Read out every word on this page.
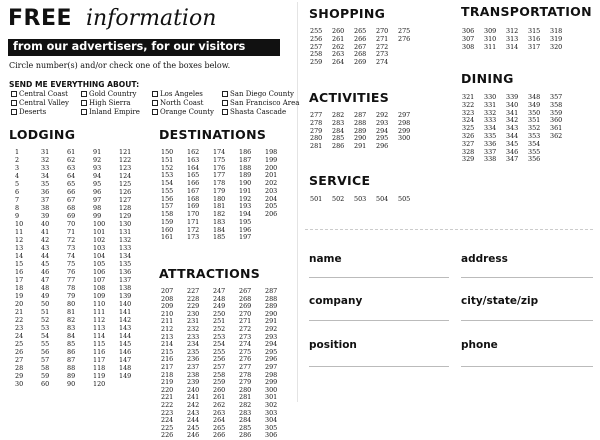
FREE information
from our advertisers, for our visitors
Circle number(s) and/or check one of the boxes below.
SEND ME EVERYTHING ABOUT:
Central Coast
Central Valley
Deserts
Gold Country
High Sierra
Inland Empire
Los Angeles
North Coast
Orange County
San Diego County
San Francisco Area
Shasta Cascade
LODGING
1	31	61	91	121
2	32	62	92	122
3	33	63	93	123
4	34	64	94	124
5	35	65	95	125
6	36	66	96	126
7	37	67	97	127
8	38	68	98	128
9	39	69	99	129
10	40	70	100	130
11	41	71	101	131
12	42	72	102	132
13	43	73	103	133
14	44	74	104	134
15	45	75	105	135
16	46	76	106	136
17	47	77	107	137
18	48	78	108	138
19	49	79	109	139
20	50	80	110	140
21	51	81	111	141
22	52	82	112	142
23	53	83	113	143
24	54	84	114	144
25	55	85	115	145
26	56	86	116	146
27	57	87	117	147
28	58	88	118	148
29	59	89	119	149
30	60	90	120
DESTINATIONS
150	162	174	186	198
151	163	175	187	199
152	164	176	188	200
153	165	177	189	201
154	166	178	190	202
155	167	179	191	203
156	168	180	192	204
157	169	181	193	205
158	170	182	194	206
159	171	183	195
160	172	184	196
161	173	185	197
ATTRACTIONS
207	227	247	267	287
208	228	248	268	288
209	229	249	269	289
210	230	250	270	290
211	231	251	271	291
212	232	252	272	292
213	233	253	273	293
214	234	254	274	294
215	235	255	275	295
216	236	256	276	296
217	237	257	277	297
218	238	258	278	298
219	239	259	279	299
220	240	260	280	300
221	241	261	281	301
222	242	262	282	302
223	243	263	283	303
224	244	264	284	304
225	245	265	285	305
226	246	266	286	306
SHOPPING
255	260	265	270	275
256	261	266	271	276
257	262	267	272
258	263	268	273
259	264	269	274
ACTIVITIES
277	282	287	292	297
278	283	288	293	298
279	284	289	294	299
280	285	290	295	300
281	286	291	296
SERVICE
501	502	503	504	505
TRANSPORTATION
306	309	312	315	318
307	310	313	316	319
308	311	314	317	320
DINING
321	330	339	348	357
322	331	340	349	358
323	332	341	350	359
324	333	342	351	360
325	334	343	352	361
326	335	344	353	362
327	336	345	354
328	337	346	355
329	338	347	356
name	address
company	city/state/zip
position	phone
